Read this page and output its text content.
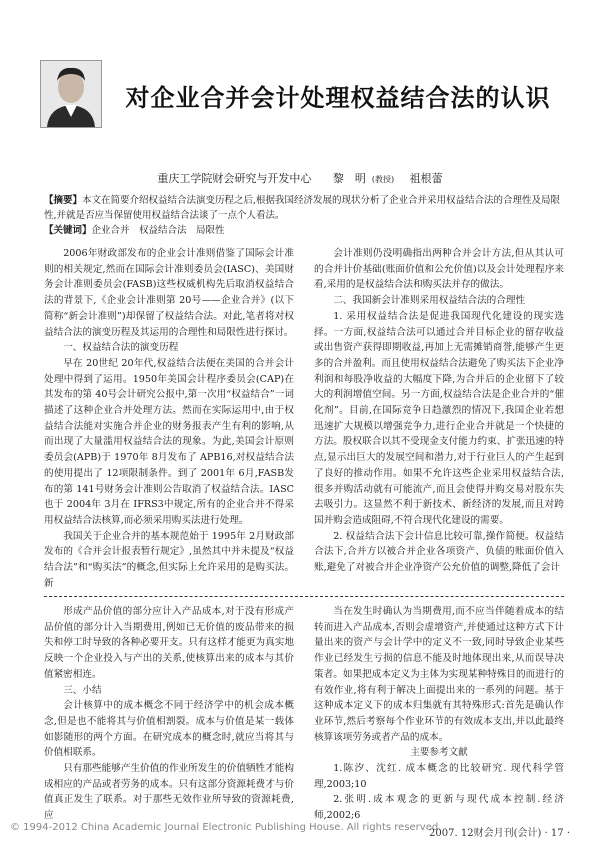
对企业合并会计处理权益结合法的认识
重庆工学院财会研究与开发中心 黎　明 (教授) 祖根蕾
【摘要】本文在简要介绍权益结合法演变历程之后,根据我国经济发展的现状分析了企业合并采用权益结合法的合理性及局限性,并就是否应当保留使用权益结合法谈了一点个人看法。
【关键词】企业合并　权益结合法　局限性

2006年财政部发布的企业会计准则借鉴了国际会计准则的相关规定,然而在国际会计准则委员会(IASC)、美国财务会计准则委员会(FASB)这些权威机构先后取消权益结合法的背景下,《企业会计准则第 20号——企业合并》(以下简称“新会计准则”)却保留了权益结合法。对此,笔者将对权益结合法的演变历程及其运用的合理性和局限性进行探讨。

一、权益结合法的演变历程

早在 20世纪 20年代,权益结合法便在美国的合并会计处理中得到了运用。1950年美国会计程序委员会(CAP)在其发布的第 40号会计研究公报中,第一次用“权益结合”一词描述了这种企业合并处理方法。然而在实际运用中,由于权益结合法能对实施合并企业的财务报表产生有利的影响,从而出现了大量滥用权益结合法的现象。为此,美国会计原则委员会(APB)于 1970年 8月发布了 APB16,对权益结合法的使用提出了 12项限制条件。到了 2001年 6月,FASB发布的第 141号财务会计准则公告取消了权益结合法。IASC也于 2004年 3月在 IFRS3中规定,所有的企业合并不得采用权益结合法核算,而必须采用购买法进行处理。

我国关于企业合并的基本规范始于 1995年 2月财政部发布的《合并会计报表暂行规定》,虽然其中并未提及“权益结合法”和“购买法”的概念,但实际上允许采用的是购买法。新

会计准则仍没明确指出两种合并会计方法,但从其认可的合并计价基础(账面价值和公允价值)以及会计处理程序来看,采用的是权益结合法和购买法并存的做法。

二、我国新会计准则采用权益结合法的合理性

1. 采用权益结合法是促进我国现代化建设的现实选择。一方面,权益结合法可以通过合并目标企业的留存收益或出售资产获得即期收益,再加上无需摊销商誉,能够产生更多的合并盈利。而且使用权益结合法避免了购买法下企业净利润和每股净收益的大幅度下降,为合并后的企业留下了较大的利润增值空间。另一方面,权益结合法是企业合并的“催化剂”。目前,在国际竞争日趋激烈的情况下,我国企业若想迅速扩大规模以增强竞争力,进行企业合并就是一个快捷的方法。股权联合以其不受现金支付能力约束、扩张迅速的特点,显示出巨大的发展空间和潜力,对于行业巨人的产生起到了良好的推动作用。如果不允许这些企业采用权益结合法,很多并购活动就有可能流产,而且会使得并购交易对股东失去吸引力。这显然不利于新技术、新经济的发展,而且对跨国并购会造成阻碍,不符合现代化建设的需要。

2. 权益结合法下会计信息比较可靠,操作简便。权益结合法下,合并方以被合并企业各项资产、负债的账面价值入账,避免了对被合并企业净资产公允价值的调整,降低了会计

形成产品价值的部分应计入产品成本,对于没有形成产品价值的部分计入当期费用,例如已无价值的废品带来的损失和停工时导致的各种必要开支。只有这样才能更为真实地反映一个企业投入与产出的关系,使核算出来的成本与其价值紧密相连。

三、小结

会计核算中的成本概念不同于经济学中的机会成本概念,但是也不能将其与价值相割裂。成本与价值是某一载体如影随形的两个方面。在研究成本的概念时,就应当将其与价值相联系。

只有那些能够产生价值的作业所发生的价值牺牲才能构成相应的产品或者劳务的成本。只有这部分资源耗费才与价值真正发生了联系。对于那些无效作业所导致的资源耗费,应

当在发生时确认为当期费用,而不应当伴随着成本的结转而进入产品成本,否则会虚增资产,并使通过这种方式下计量出来的资产与会计学中的定义不一致,同时导致企业某些作业已经发生亏损的信息不能及时地体现出来,从而误导决策者。如果把成本定义为主体为实现某种特殊目的而进行的有效作业,将有利于解决上面提出来的一系列的问题。基于这种成本定义下的成本归集就有其特殊形式:首先是确认作业环节,然后考察每个作业环节的有效成本支出,并以此最终核算该项劳务或者产品的成本。

主要参考文献

1.陈汐、沈红. 成本概念的比较研究. 现代科学管理,2003;10

2.张明.成本观念的更新与现代成本控制.经济师,2002;6

© 1994-2012 China Academic Journal Electronic Publishing House. All rights reserved.
2007. 12财会月刊(会计) · 17 ·
